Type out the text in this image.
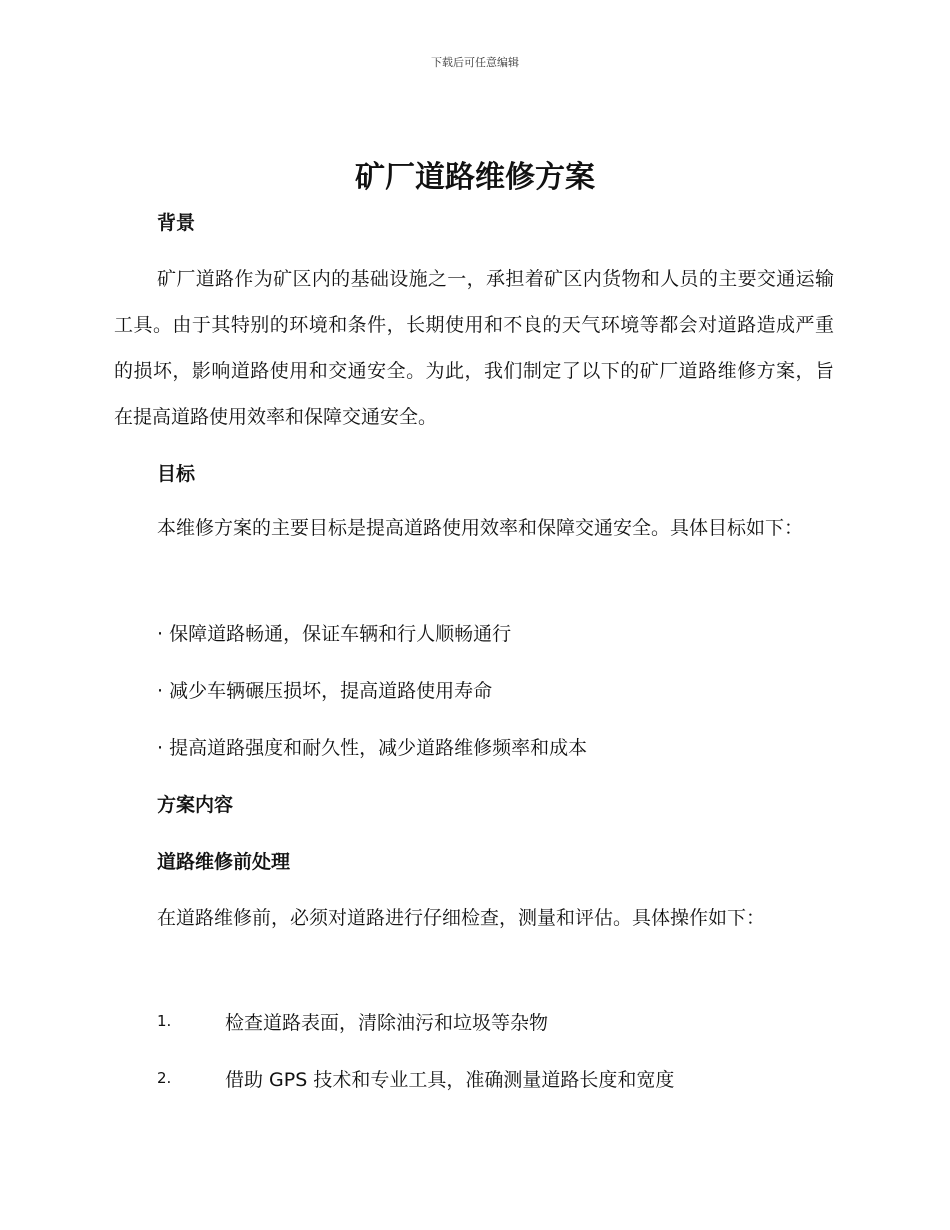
下载后可任意编辑
矿厂道路维修方案
背景

矿厂道路作为矿区内的基础设施之一，承担着矿区内货物和人员的主要交通运输工具。由于其特别的环境和条件，长期使用和不良的天气环境等都会对道路造成严重的损坏，影响道路使用和交通安全。为此，我们制定了以下的矿厂道路维修方案，旨在提高道路使用效率和保障交通安全。

目标

本维修方案的主要目标是提高道路使用效率和保障交通安全。具体目标如下：

· 保障道路畅通，保证车辆和行人顺畅通行

· 减少车辆碾压损坏，提高道路使用寿命

· 提高道路强度和耐久性，减少道路维修频率和成本

方案内容
道路维修前处理

在道路维修前，必须对道路进行仔细检查，测量和评估。具体操作如下：

1.	检查道路表面，清除油污和垃圾等杂物
2.	借助 GPS 技术和专业工具，准确测量道路长度和宽度
